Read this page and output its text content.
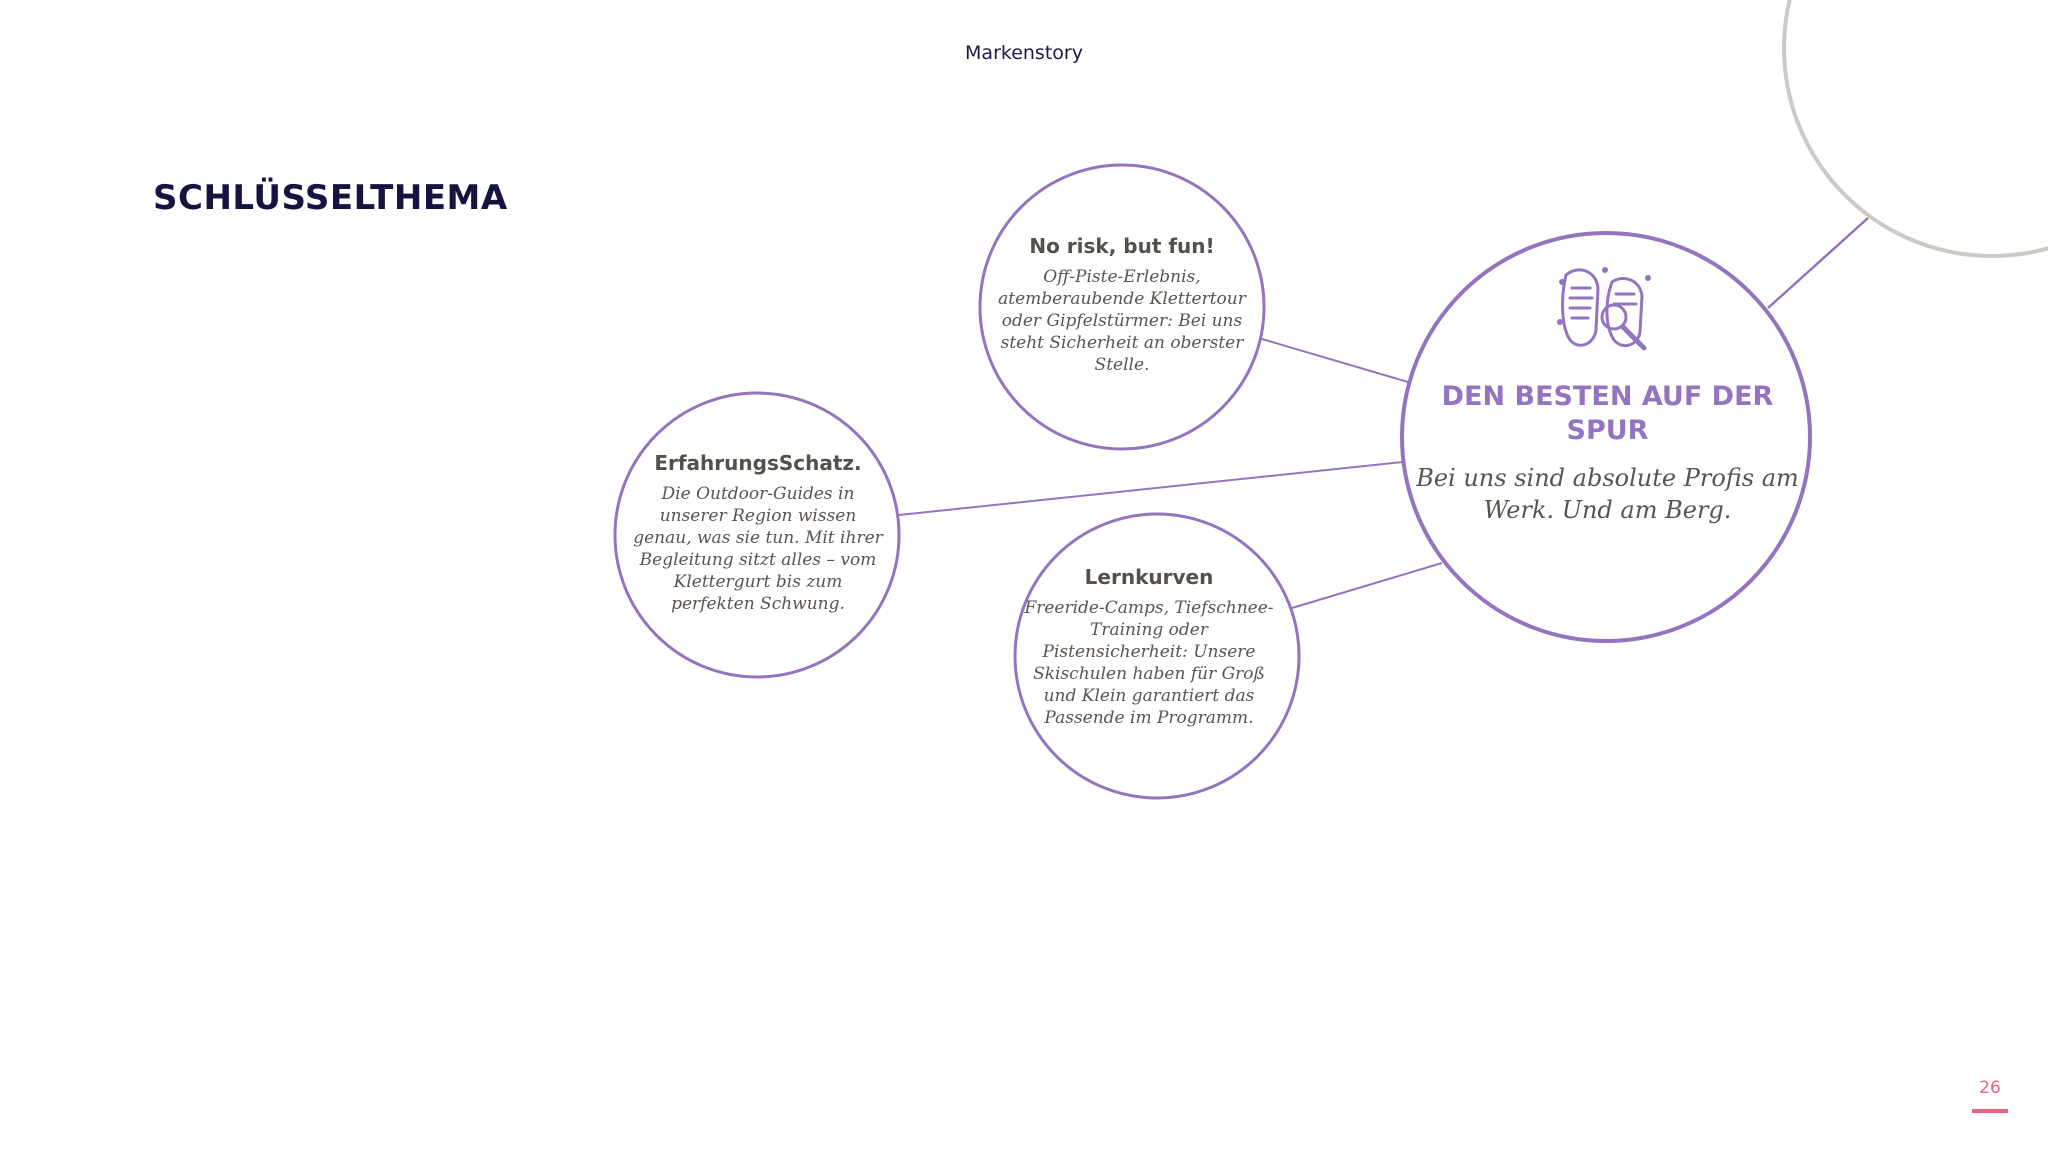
Markenstory
SCHLÜSSELTHEMA
No risk, but fun!
Off-Piste-Erlebnis, atemberaubende Klettertour oder Gipfelstürmer: Bei uns steht Sicherheit an oberster Stelle.
ErfahrungsSchatz.
Die Outdoor-Guides in unserer Region wissen genau, was sie tun. Mit ihrer Begleitung sitzt alles – vom Klettergurt bis zum perfekten Schwung.
Lernkurven
Freeride-Camps, Tiefschnee-Training oder Pistensicherheit: Unsere Skischulen haben für Groß und Klein garantiert das Passende im Programm.
DEN BESTEN AUF DER SPUR
Bei uns sind absolute Profis am Werk. Und am Berg.
26
